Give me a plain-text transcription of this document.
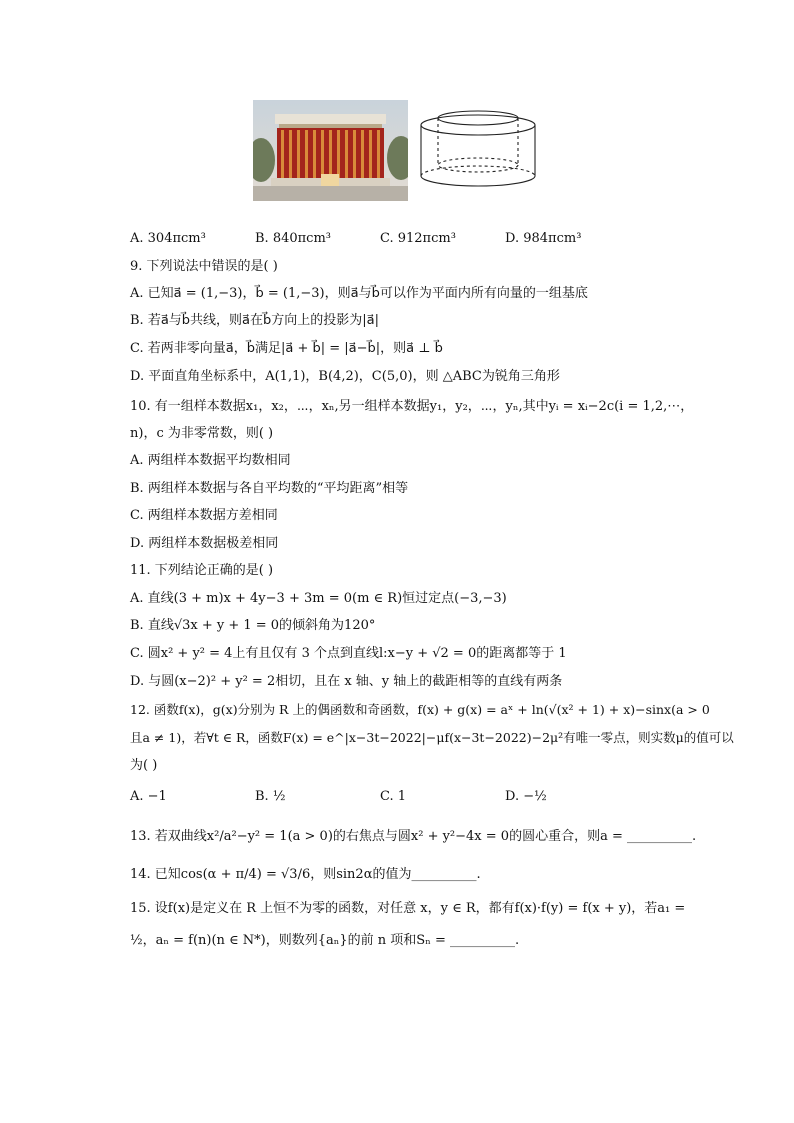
A. 304πcm³	B. 840πcm³	C. 912πcm³	D. 984πcm³
9. 下列说法中错误的是( )
A. 已知a⃗ = (1,−3)，b⃗ = (1,−3)，则a⃗与b⃗可以作为平面内所有向量的一组基底
B. 若a⃗与b⃗共线，则a⃗在b⃗方向上的投影为|a⃗|
C. 若两非零向量a⃗，b⃗满足|a⃗ + b⃗| = |a⃗−b⃗|，则a⃗ ⊥ b⃗
D. 平面直角坐标系中，A(1,1)，B(4,2)，C(5,0)，则 △ABC为锐角三角形
10. 有一组样本数据x₁，x₂，⋯，xₙ,另一组样本数据y₁，y₂，⋯，yₙ,其中yᵢ = xᵢ−2c(i = 1,2,⋯，
n)，c 为非零常数，则( )
A. 两组样本数据平均数相同
B. 两组样本数据与各自平均数的“平均距离”相等
C. 两组样本数据方差相同
D. 两组样本数据极差相同
11. 下列结论正确的是( )
A. 直线(3 + m)x + 4y−3 + 3m = 0(m ∈ R)恒过定点(−3,−3)
B. 直线√3x + y + 1 = 0的倾斜角为120°
C. 圆x² + y² = 4上有且仅有 3 个点到直线l:x−y + √2 = 0的距离都等于 1
D. 与圆(x−2)² + y² = 2相切，且在 x 轴、y 轴上的截距相等的直线有两条
12. 函数f(x)，g(x)分别为 R 上的偶函数和奇函数，f(x) + g(x) = aˣ + ln(√(x² + 1) + x)−sinx(a > 0
且a ≠ 1)，若∀t ∈ R，函数F(x) = e^|x−3t−2022|−μf(x−3t−2022)−2μ²有唯一零点，则实数μ的值可以
为( )
A. −1	B. ½	C. 1	D. −½
13. 若双曲线x²/a²−y² = 1(a > 0)的右焦点与圆x² + y²−4x = 0的圆心重合，则a = __________.
14. 已知cos(α + π/4) = √3/6，则sin2α的值为__________.
15. 设f(x)是定义在 R 上恒不为零的函数，对任意 x，y ∈ R，都有f(x)·f(y) = f(x + y)，若a₁ =
½，aₙ = f(n)(n ∈ N*)，则数列{aₙ}的前 n 项和Sₙ = __________.
